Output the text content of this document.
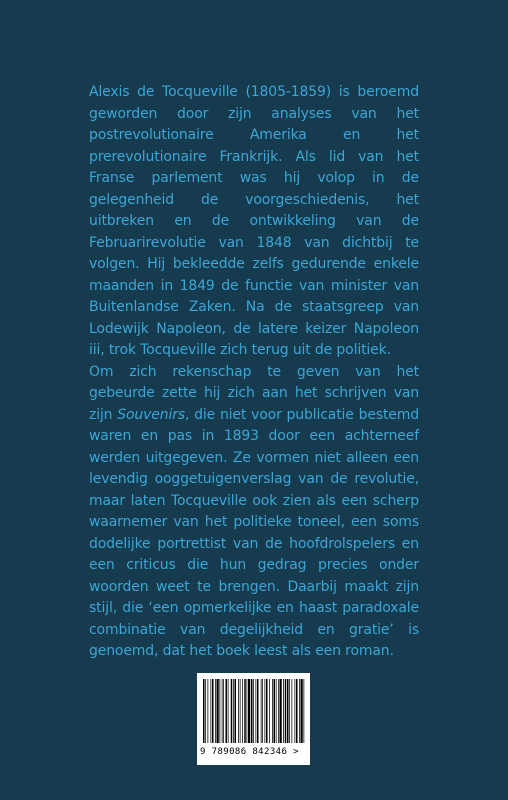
Alexis de Tocqueville (1805-1859) is beroemd geworden door zijn analyses van het postrevolutionaire Amerika en het prerevolutionaire Frankrijk. Als lid van het Franse parlement was hij volop in de gelegenheid de voorgeschiedenis, het uitbreken en de ontwikkeling van de Februarirevolutie van 1848 van dichtbij te volgen. Hij bekleedde zelfs gedurende enkele maanden in 1849 de functie van minister van Buitenlandse Zaken. Na de staatsgreep van Lodewijk Napoleon, de latere keizer Napoleon iii, trok Tocqueville zich terug uit de politiek.

Om zich rekenschap te geven van het gebeurde zette hij zich aan het schrijven van zijn Souvenirs, die niet voor publicatie bestemd waren en pas in 1893 door een achterneef werden uitgegeven. Ze vormen niet alleen een levendig ooggetuigenverslag van de revolutie, maar laten Tocqueville ook zien als een scherp waarnemer van het politieke toneel, een soms dodelijke portrettist van de hoofdrolspelers en een criticus die hun gedrag precies onder woorden weet te brengen. Daarbij maakt zijn stijl, die ‘een opmerkelijke en haast paradoxale combinatie van degelijkheid en gratie’ is genoemd, dat het boek leest als een roman.

9 789086 842346 >
